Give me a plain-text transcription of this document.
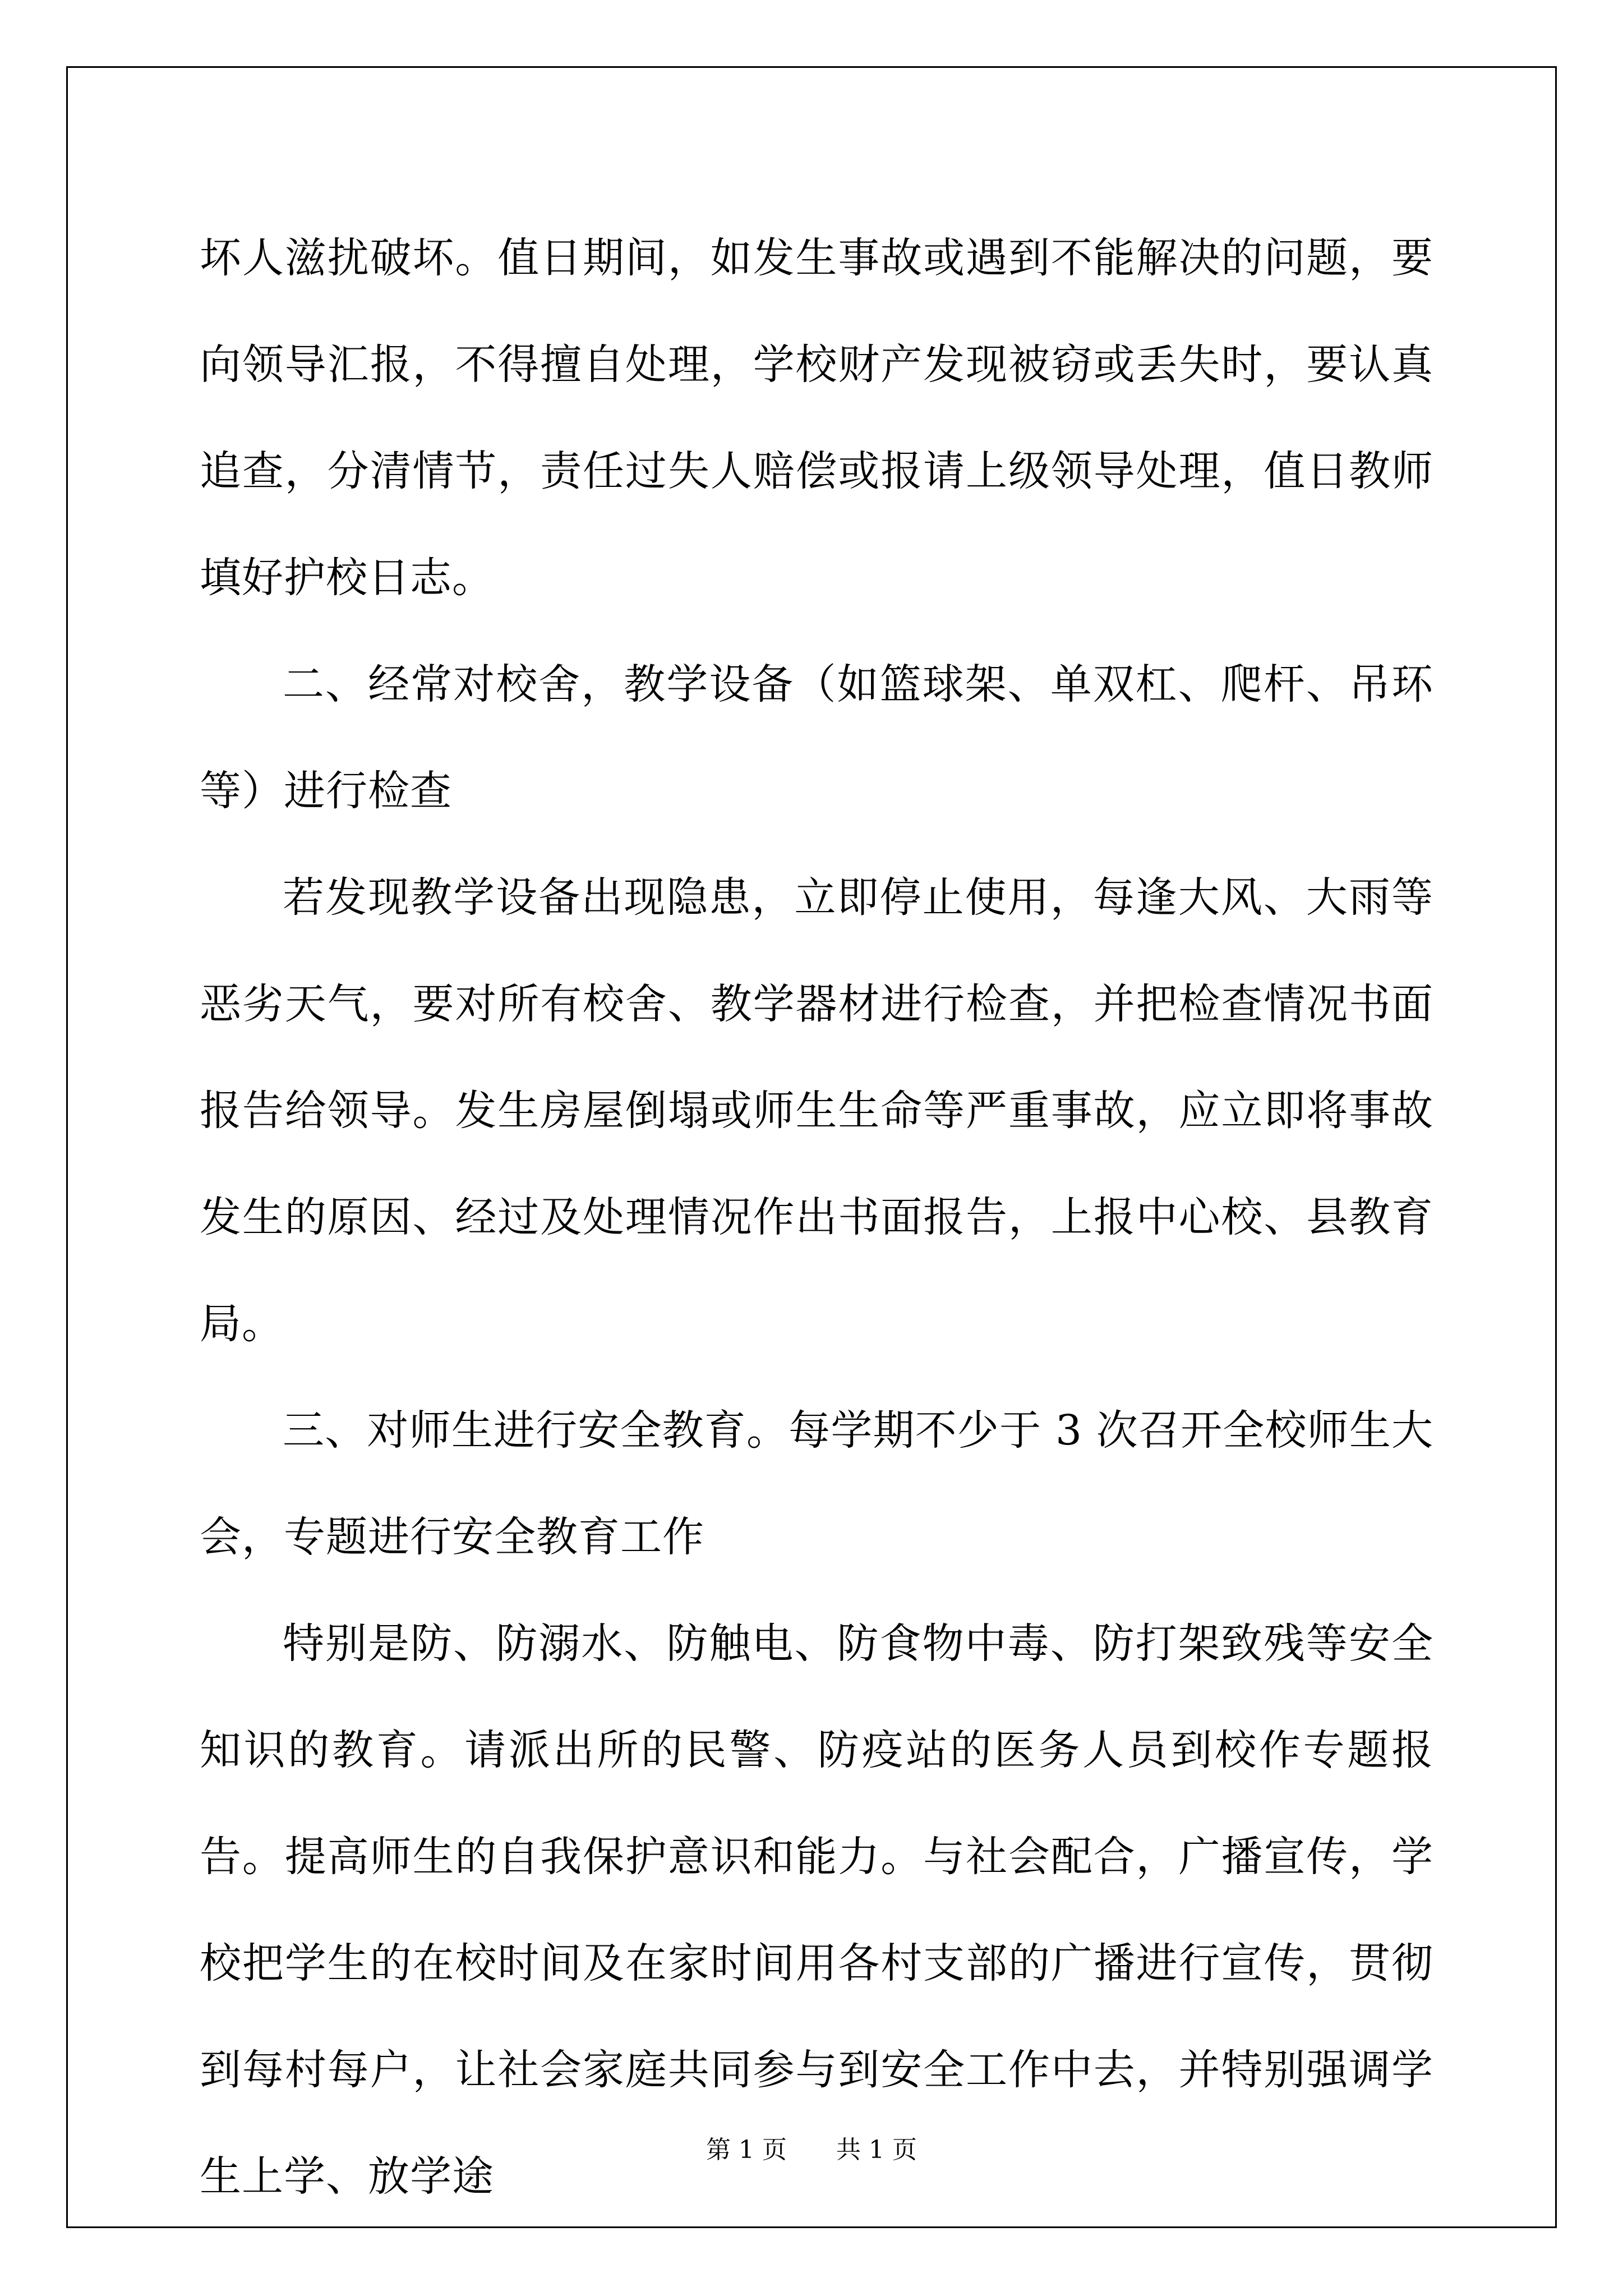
坏人滋扰破坏。值日期间，如发生事故或遇到不能解决的问题，要向领导汇报，不得擅自处理，学校财产发现被窃或丢失时，要认真追查，分清情节，责任过失人赔偿或报请上级领导处理，值日教师填好护校日志。

二、经常对校舍，教学设备（如篮球架、单双杠、爬杆、吊环等）进行检查

若发现教学设备出现隐患，立即停止使用，每逢大风、大雨等恶劣天气，要对所有校舍、教学器材进行检查，并把检查情况书面报告给领导。发生房屋倒塌或师生生命等严重事故，应立即将事故发生的原因、经过及处理情况作出书面报告，上报中心校、县教育局。

三、对师生进行安全教育。每学期不少于 3 次召开全校师生大会，专题进行安全教育工作

特别是防、防溺水、防触电、防食物中毒、防打架致残等安全知识的教育。请派出所的民警、防疫站的医务人员到校作专题报告。提高师生的自我保护意识和能力。与社会配合，广播宣传，学校把学生的在校时间及在家时间用各村支部的广播进行宣传，贯彻到每村每户，让社会家庭共同参与到安全工作中去，并特别强调学生上学、放学途

第 1 页 共 1 页
